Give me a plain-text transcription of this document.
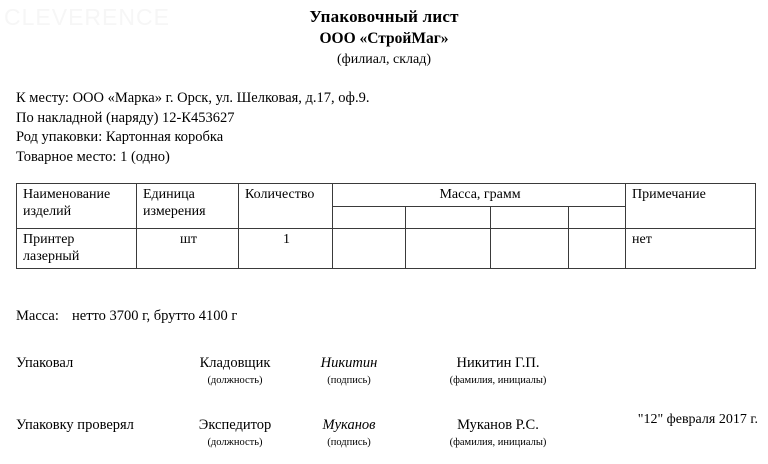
CLEVERENCE	Упаковочный лист
ООО «СтройМаг»
(филиал, склад)
К месту: ООО «Марка» г. Орск, ул. Шелковая, д.17, оф.9.
По накладной (наряду) 12-К453627
Род упаковки: Картонная коробка
Товарное место: 1 (одно)
Наименование изделий	Единица измерения	Количество	Масса, грамм				Примечание

Принтер лазерный	шт	1					нет
Масса: нетто 3700 г, брутто 4100 г
Упаковал	Кладовщик
(должность)
Никитин
(подпись)
Никитин Г.П.
(фамилия, инициалы)
Упаковку проверял	Экспедитор
(должность)
Муканов
(подпись)
Муканов Р.С.
(фамилия, инициалы)
"12" февраля 2017 г.
